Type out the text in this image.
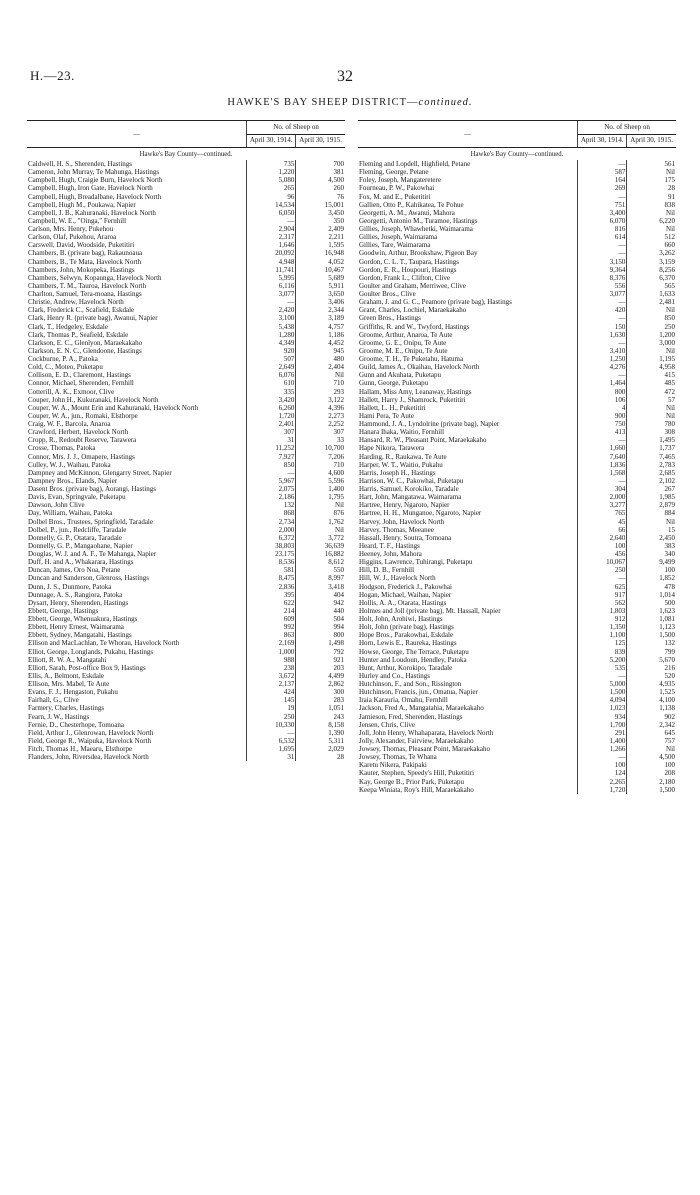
H.—23.	32
HAWKE'S BAY SHEEP DISTRICT—continued.
—	No. of Sheep on	
	April 30, 1914.	April 30, 1915.
Hawke's Bay County—continued.		
Caldwell, H. S., Sherenden, Hastings	735	700
Cameron, John Murray, Te Mahunga, Hastings	1,220	381
Campbell, Hugh, Craigie Burn, Havelock North	5,080	4,500
Campbell, Hugh, Iron Gate, Havelock North	265	260
Campbell, Hugh, Breadalbane, Havelock North	96	76
Campbell, Hugh M., Poukawa, Napier	14,534	15,001
Campbell, J. B., Kahuranaki, Havelock North	6,050	3,450
Campbell, W. E., "Oinga," Fernhill	—	350
Carlson, Mrs. Henry, Pukehou	2,904	2,409
Carlson, Olaf, Pukehou, Araroa	2,317	2,211
Carswell, David, Woodside, Puketitiri	1,646	1,595
Chambers, B. (private bag), Rakaunoaua	20,092	16,948
Chambers, B., Te Mata, Havelock North	4,948	4,052
Chambers, John, Mokopeka, Hastings	11,741	10,467
Chambers, Selwyn, Kopaunga, Havelock North	5,995	5,689
Chambers, T. M., Tauroa, Havelock North	6,116	5,911
Charlton, Samuel, Tera-moana, Hastings	3,077	3,650
Christie, Andrew, Havelock North	—	3,406
Clark, Frederick C., Scafield, Eskdale	2,420	2,344
Clark, Henry R. (private bag), Awanui, Napier	3,100	3,189
Clark, T., Hedgeley, Eskdale	5,438	4,757
Clark, Thomas P., Seafield, Eskdale	1,280	1,186
Clarkson, E. C., Glenlyon, Maraekakaho	4,349	4,452
Clarkson, E. N. C., Glendoone, Hastings	920	945
Cockburne, P. A., Patoka	507	480
Cold, C., Moteo, Puketapu	2,649	2,404
Collison, E. D., Claremont, Hastings	6,076	Nil
Connor, Michael, Sherenden, Fernhill	610	710
Cotterill, A. K., Exmoor, Clive	335	293
Couper, John H., Kukuranaki, Havelock North	3,420	3,122
Couper, W. A., Mount Erin and Kahuranaki, Havelock North	6,260	4,396
Couper, W. A., jun., Romaki, Elsthorpe	1,720	2,273
Craig, W. F., Barcola, Anaroa	2,401	2,252
Crawford, Herbert, Havelock North	307	307
Cropp, R., Redoubt Reserve, Tarawera	31	33
Crosse, Thomas, Patoka	11,252	10,700
Connor, Mrs. J. J., Omapere, Hastings	7,927	7,206
Culley, W. J., Waihau, Patoka	850	710
Dampney and McKinnon, Glengarry Street, Napier	—	4,600
Dampney Bros., Elands, Napier	5,967	5,596
Dasent Bros. (private bag), Aorangi, Hastings	2,075	1,400
Davis, Evan, Springvale, Puketapu	2,186	1,795
Dawson, John Clive	132	Nil
Day, William, Waihau, Patoka	868	876
Dolbel Bros., Trustees, Springfield, Taradale	2,734	1,762
Dolbel, P., jun., Redcliffe, Taradale	2,000	Nil
Donnelly, G. P., Otatara, Taradale	6,372	3,772
Donnelly, G. P., Mangaohane, Napier	38,803	36,639
Douglas, W. J. and A. F., Te Mahanga, Napier	23,175	16,882
Duff, H. and A., Whakarara, Hastings	8,536	8,612
Duncan, James, Oro Noa, Petane	581	550
Duncan and Sanderson, Glenross, Hastings	8,475	8,997
Dunn, J. S., Dunmore, Patoka	2,836	3,418
Dunnage, A. S., Rangiora, Patoka	395	404
Dysart, Henry, Sherenden, Hastings	622	942
Ebbett, George, Hastings	214	440
Ebbett, George, Whenuakura, Hastings	609	504
Ebbett, Henry Ernest, Waimarama	992	994
Ebbett, Sydney, Mangatahi, Hastings	863	800
Ellison and MacLachlan, Te Whorau, Havelock North	2,169	1,498
Elliot, George, Longlands, Pukahu, Hastings	1,000	792
Elliott, R. W. A., Mangatahi	988	921
Elliott, Sarah, Post-office Box 9, Hastings	238	203
Ellis, A., Belmont, Eskdale	3,672	4,499
Ellison, Mrs. Mabel, Te Aute	2,137	2,862
Evans, F. J., Hengaston, Pukahu	424	300
Fairhall, G., Clive	145	283
Farmery, Charles, Hastings	19	1,051
Fearn, J. W., Hastings	250	243
Fernie, D., Chesterhope, Tomoana	10,330	8,158
Field, Arthur J., Glenrowan, Havelock North	—	1,390
Field, George R., Waipuka, Havelock North	6,532	5,311
Fitch, Thomas H., Maearu, Elsthorpe	1,695	2,029
Flanders, John, Riversdea, Havelock North	31	28
—	No. of Sheep on	
	April 30, 1914.	April 30, 1915.
Hawke's Bay County—continued.		
Fleming and Lopdell, Highfield, Petane	—	561
Fleming, George, Petane	587	Nil
Foley, Joseph, Mangateretere	164	175
Fourneau, P. W., Pakowhai	269	28
Fox, M. and E., Puketitiri	—	91
Gallien, Otto P., Kahikatea, Te Pohue	751	838
Georgetti, A. M., Awanui, Mahora	3,400	Nil
Georgetti, Antonio M., Turamoe, Hastings	6,070	6,220
Gillies, Joseph, Whawhetki, Waimarama	816	Nil
Gillies, Joseph, Waimarama	614	512
Gillies, Tare, Waimarama	—	660
Goodwin, Arthur, Brookshaw, Pigeon Bay	—	3,262
Gordon, C. L. T., Taupara, Hastings	3,150	3,159
Gordon, E. R., Houpouri, Hastings	9,364	8,256
Gordon, Frank L., Clifton, Clive	8,376	6,370
Goulter and Graham, Merriwee, Clive	556	565
Goulter Bros., Clive	3,077	1,633
Graham, J. and G. C., Peamore (private bag), Hastings	—	2,481
Grant, Charles, Lochiel, Maraekakaho	420	Nil
Green Bros., Hastings	—	850
Griffiths, R. and W., Twyford, Hastings	150	250
Groome, Arthur, Anaroa, Te Aute	1,630	1,200
Groome, G. E., Onipu, Te Aute	—	3,000
Groome, M. E., Onipu, Te Aute	3,410	Nil
Groome, T. H., Te Puketahu, Hatuma	1,250	1,195
Guild, James A., Okaihau, Havelock North	4,276	4,958
Gunn and Akuhata, Puketapu	—	415
Gunn, George, Puketapu	1,464	485
Hallam, Miss Amy, Leanaway, Hastings	800	472
Hallett, Harry J., Shamrock, Puketitiri	106	57
Hallett, L. H., Puketitiri	4	Nil
Hami Pera, Te Aute	900	Nil
Hammond, J. A., Lyndolrine (private bag), Napier	750	780
Hanara Ihaka, Waitio, Fernhill	413	308
Hansard, R. W., Pleasant Point, Maraekakaho	—	1,495
Hape Nikora, Tarawera	1,660	1,737
Harding, R., Raukawa, Te Aute	7,640	7,465
Harper, W. T., Waitio, Pukahu	1,836	2,783
Harris, Joseph H., Hastings	1,568	2,685
Harrison, W. C., Pakowhai, Puketapu	—	2,102
Harris, Samuel, Korokiko, Taradale	304	267
Hart, John, Mangatawa, Waimarama	2,000	1,985
Hartree, Henry, Ngaroto, Napier	3,277	2,879
Hartree, H. H., Munganoe, Ngaroto, Napier	765	884
Harvey, John, Havelock North	45	Nil
Harvey, Thomas, Meeanee	66	15
Hassall, Henry, Soutra, Tomoana	2,640	2,450
Heard, T. F., Hastings	100	383
Heeney, John, Mahora	456	340
Higgins, Lawrence, Tuhirangi, Puketapu	10,067	9,499
Hill, D. B., Fernhill	250	100
Hill, W. J., Havelock North	—	1,852
Hodgson, Frederick J., Pakowhai	625	478
Hogan, Michael, Waihau, Napier	917	1,014
Hollis, A. A., Otarata, Hastings	562	500
Holmes and Joll (private bag), Mt. Hassall, Napier	1,803	1,623
Holt, John, Arohiwi, Hastings	912	1,081
Holt, John (private bag), Hastings	1,350	1,123
Hope Bros., Parakowhai, Eskdale	1,100	1,500
Horn, Lewis E., Raureka, Hastings	125	132
Howse, George, The Terrace, Puketapu	839	799
Hunter and Loudoun, Hendley, Patoka	5,200	5,670
Hunt, Arthur, Korokipo, Taradale	535	216
Hurley and Co., Hastings	—	520
Hutchinson, F., and Son., Rissington	5,000	4,935
Hutchinson, Francis, jun., Omatua, Napier	1,500	1,525
Iraia Karauria, Omahu, Fernhill	4,094	4,100
Jackson, Fred A., Mangatahia, Maraekakaho	1,023	1,138
Jamieson, Fred, Sherenden, Hastings	934	902
Jensen, Chris, Clive	1,700	2,342
Joll, John Henry, Whahaparata, Havelock North	291	645
Jolly, Alexander, Fairview, Maraekakaho	1,400	757
Jowsey, Thomas, Pleasant Point, Maraekakaho	1,266	Nil
Jowsey, Thomas, Te Whana	—	4,500
Karetu Nikera, Pakipaki	100	100
Kauter, Stephen, Speedy's Hill, Puketitiri	124	208
Kay, George B., Prior Park, Puketapu	2,265	2,180
Keepa Winiata, Roy's Hill, Maraekakaho	1,720	1,500
